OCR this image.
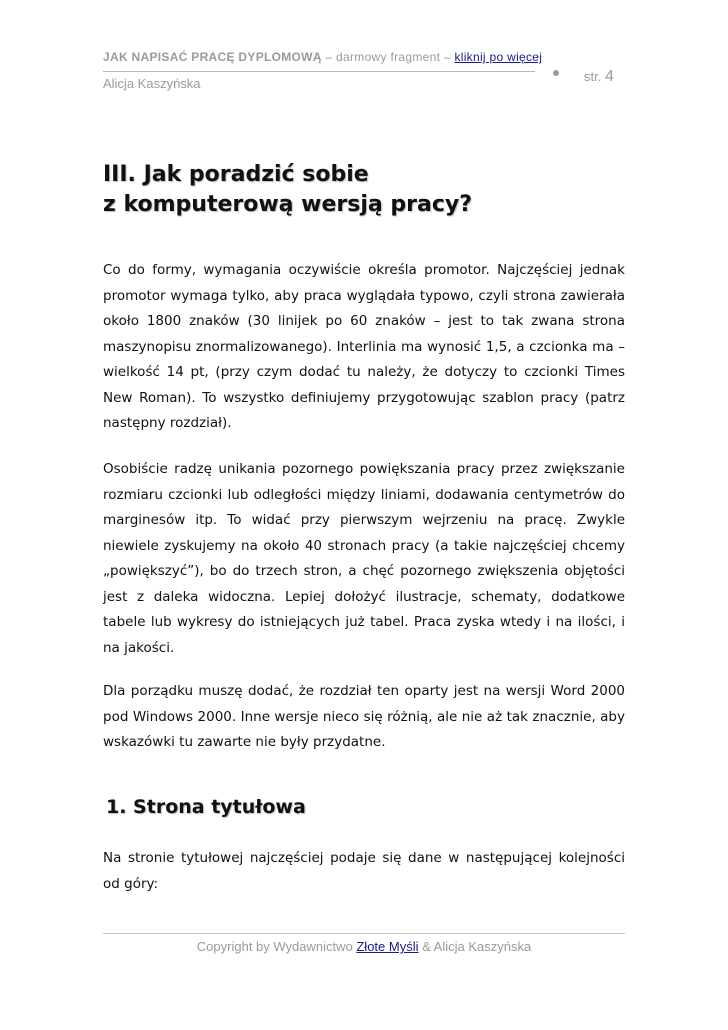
JAK NAPISAĆ PRACĘ DYPLOMOWĄ – darmowy fragment – kliknij po więcej
Alicja Kaszyńska	str. 4
III. Jak poradzić sobie
z komputerową wersją pracy?

Co do formy, wymagania oczywiście określa promotor. Najczęściej jednak promotor wymaga tylko, aby praca wyglądała typowo, czyli strona zawierała około 1800 znaków (30 linijek po 60 znaków – jest to tak zwana strona maszynopisu znormalizowanego). Interlinia ma wynosić 1,5, a czcionka ma – wielkość 14 pt, (przy czym dodać tu należy, że dotyczy to czcionki Times New Roman). To wszystko definiujemy przygotowując szablon pracy (patrz następny rozdział).

Osobiście radzę unikania pozornego powiększania pracy przez zwiększanie rozmiaru czcionki lub odległości między liniami, dodawania centymetrów do marginesów itp. To widać przy pierwszym wejrzeniu na pracę. Zwykle niewiele zyskujemy na około 40 stronach pracy (a takie najczęściej chcemy „powiększyć”), bo do trzech stron, a chęć pozornego zwiększenia objętości jest z daleka widoczna. Lepiej dołożyć ilustracje, schematy, dodatkowe tabele lub wykresy do istniejących już tabel. Praca zyska wtedy i na ilości, i na jakości.

Dla porządku muszę dodać, że rozdział ten oparty jest na wersji Word 2000 pod Windows 2000. Inne wersje nieco się różnią, ale nie aż tak znacznie, aby wskazówki tu zawarte nie były przydatne.

1. Strona tytułowa

Na stronie tytułowej najczęściej podaje się dane w następującej kolejności od góry:

Copyright by Wydawnictwo Złote Myśli & Alicja Kaszyńska
